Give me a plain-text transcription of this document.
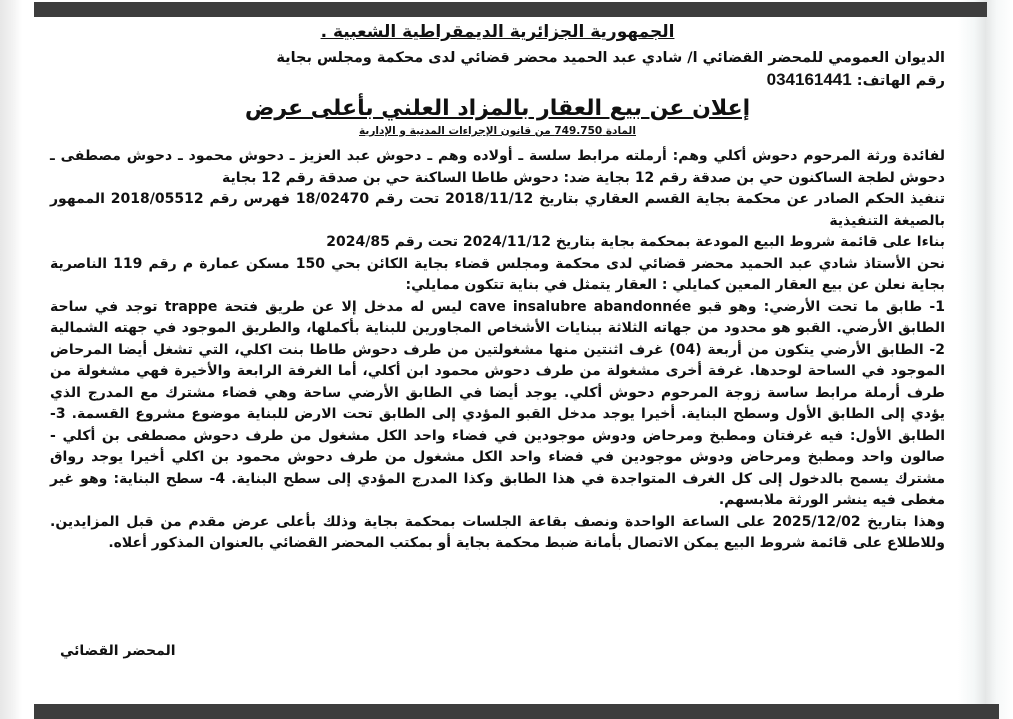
الجمهورية الجزائرية الديمقراطية الشعبية .

الديوان العمومي للمحضر القضائي ا/ شادي عبد الحميد محضر قضائي لدى محكمة ومجلس بجاية

رقم الهاتف: 034161441

إعلان عن بيع العقار بالمزاد العلني بأعلى عرض
المادة 749.750 من قانون الإجراءات المدنية و الإدارية

لفائدة ورثة المرحوم دحوش أكلي وهم: أرملته مرابط سلسة ـ أولاده وهم ـ دحوش عبد العزيز ـ دحوش محمود ـ دحوش مصطفى ـ دحوش لطجة الساكنون حي بن صدقة رقم 12 بجاية ضد: دحوش طاطا الساكنة حي بن صدقة رقم 12 بجاية

تنفيذ الحكم الصادر عن محكمة بجاية القسم العقاري بتاريخ 2018/11/12 تحت رقم 18/02470 فهرس رقم 2018/05512 الممهور بالصيغة التنفيذية

بناءا على قائمة شروط البيع المودعة بمحكمة بجاية بتاريخ 2024/11/12 تحت رقم 2024/85

نحن الأستاذ شادي عبد الحميد محضر قضائي لدى محكمة ومجلس قضاء بجاية الكائن بحي 150 مسكن عمارة م رقم 119 الناصرية بجاية نعلن عن بيع العقار المعين كمايلي : العقار يتمثل في بناية تتكون ممايلي:

1- طابق ما تحت الأرضي: وهو قبو cave insalubre abandonnée ليس له مدخل إلا عن طريق فتحة trappe توجد في ساحة الطابق الأرضي. القبو هو محدود من جهاته الثلاثة ببنايات الأشخاص المجاورين للبناية بأكملها، والطريق الموجود في جهته الشمالية 2- الطابق الأرضي يتكون من أربعة (04) غرف اثنتين منها مشغولتين من طرف دحوش طاطا بنت اكلي، التي تشغل أيضا المرحاض الموجود في الساحة لوحدها. غرفة أخرى مشغولة من طرف دحوش محمود ابن أكلي، أما الغرفة الرابعة والأخيرة فهي مشغولة من طرف أرملة مرابط ساسة زوجة المرحوم دحوش أكلي. يوجد أيضا في الطابق الأرضي ساحة وهي فضاء مشترك مع المدرج الذي يؤدي إلى الطابق الأول وسطح البناية. أخيرا يوجد مدخل القبو المؤدي إلى الطابق تحت الارض للبناية موضوع مشروع القسمة. 3- الطابق الأول: فيه غرفتان ومطبخ ومرحاض ودوش موجودين في فضاء واحد الكل مشغول من طرف دحوش مصطفى بن أكلي - صالون واحد ومطبخ ومرحاض ودوش موجودين في فضاء واحد الكل مشغول من طرف دحوش محمود بن اكلي أخيرا يوجد رواق مشترك يسمح بالدخول إلى كل الغرف المتواجدة في هذا الطابق وكذا المدرج المؤدي إلى سطح البناية. 4- سطح البناية: وهو غير مغطى فيه ينشر الورثة ملابسهم.

وهذا بتاريخ 2025/12/02 على الساعة الواحدة ونصف بقاعة الجلسات بمحكمة بجاية وذلك بأعلى عرض مقدم من قبل المزايدين. وللاطلاع على قائمة شروط البيع يمكن الاتصال بأمانة ضبط محكمة بجاية أو بمكتب المحضر القضائي بالعنوان المذكور أعلاه.

المحضر القضائي
